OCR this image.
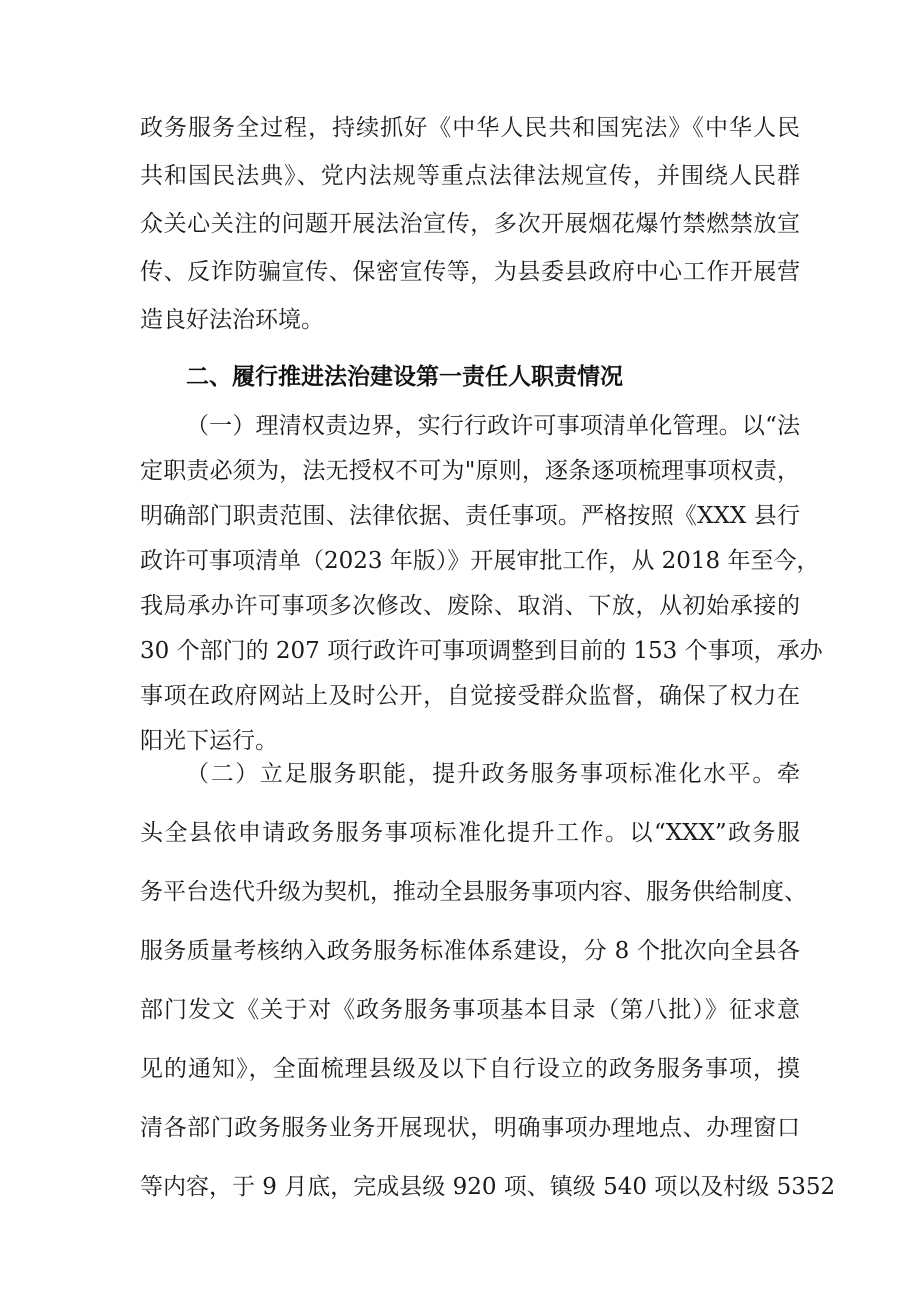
政务服务全过程，持续抓好《中华人民共和国宪法》《中华人民
共和国民法典》、党内法规等重点法律法规宣传，并围绕人民群
众关心关注的问题开展法治宣传，多次开展烟花爆竹禁燃禁放宣
传、反诈防骗宣传、保密宣传等，为县委县政府中心工作开展营
造良好法治环境。
二、履行推进法治建设第一责任人职责情况
（一）理清权责边界，实行行政许可事项清单化管理。以“法
定职责必须为，法无授权不可为"原则，逐条逐项梳理事项权责，
明确部门职责范围、法律依据、责任事项。严格按照《XXX 县行
政许可事项清单（2023 年版）》开展审批工作，从 2018 年至今，
我局承办许可事项多次修改、废除、取消、下放，从初始承接的
30 个部门的 207 项行政许可事项调整到目前的 153 个事项，承办
事项在政府网站上及时公开，自觉接受群众监督，确保了权力在
阳光下运行。
（二）立足服务职能，提升政务服务事项标准化水平。牵
头全县依申请政务服务事项标准化提升工作。以“XXX”政务服
务平台迭代升级为契机，推动全县服务事项内容、服务供给制度、
服务质量考核纳入政务服务标准体系建设，分 8 个批次向全县各
部门发文《关于对《政务服务事项基本目录（第八批）》征求意
见的通知》，全面梳理县级及以下自行设立的政务服务事项，摸
清各部门政务服务业务开展现状，明确事项办理地点、办理窗口
等内容，于 9 月底，完成县级 920 项、镇级 540 项以及村级 5352
